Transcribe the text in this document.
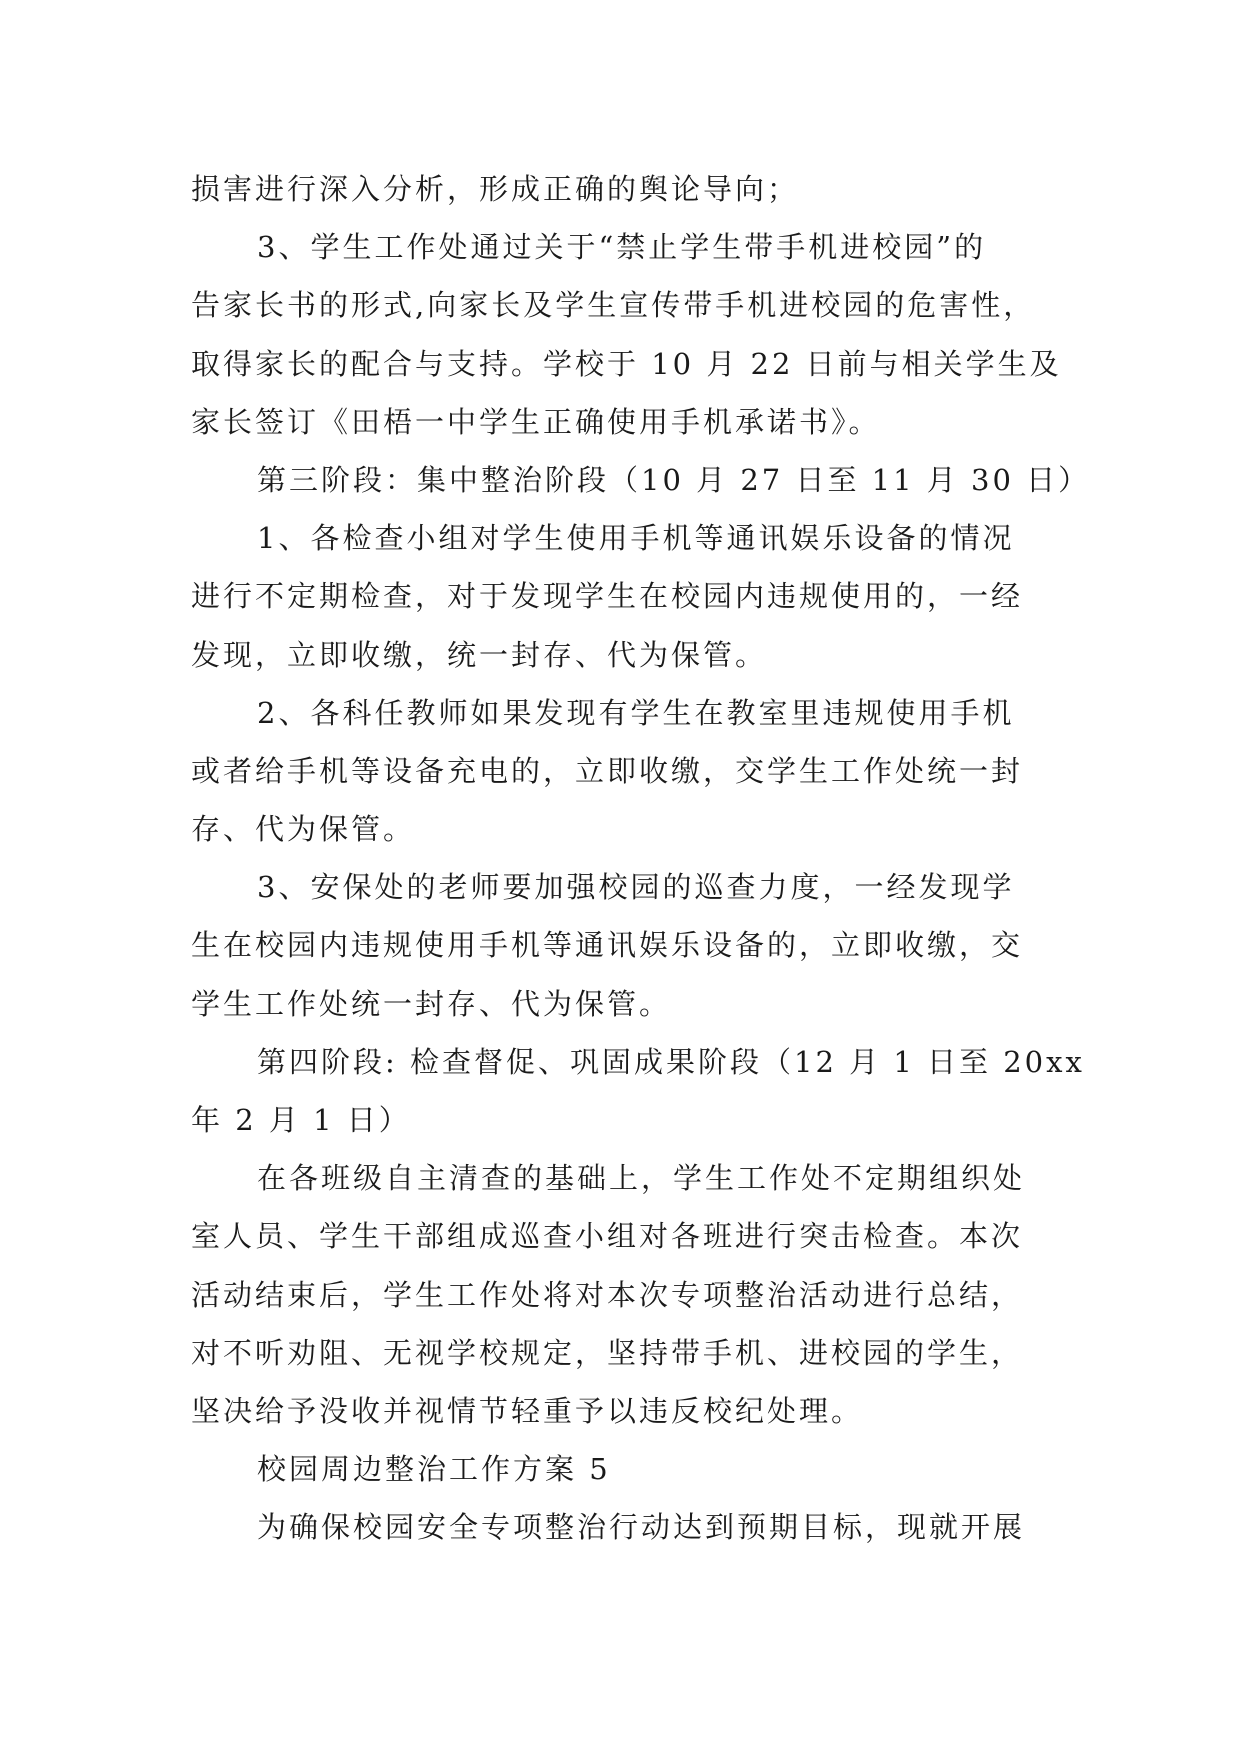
损害进行深入分析，形成正确的舆论导向；
3、学生工作处通过关于“禁止学生带手机进校园”的
告家长书的形式,向家长及学生宣传带手机进校园的危害性，
取得家长的配合与支持。学校于 10 月 22 日前与相关学生及
家长签订《田梧一中学生正确使用手机承诺书》。
第三阶段：集中整治阶段（10 月 27 日至 11 月 30 日）
1、各检查小组对学生使用手机等通讯娱乐设备的情况
进行不定期检查，对于发现学生在校园内违规使用的，一经
发现，立即收缴，统一封存、代为保管。
2、各科任教师如果发现有学生在教室里违规使用手机
或者给手机等设备充电的，立即收缴，交学生工作处统一封
存、代为保管。
3、安保处的老师要加强校园的巡查力度，一经发现学
生在校园内违规使用手机等通讯娱乐设备的，立即收缴，交
学生工作处统一封存、代为保管。
第四阶段: 检查督促、巩固成果阶段（12 月 1 日至 20xx
年 2 月 1 日）
在各班级自主清查的基础上，学生工作处不定期组织处
室人员、学生干部组成巡查小组对各班进行突击检查。本次
活动结束后，学生工作处将对本次专项整治活动进行总结，
对不听劝阻、无视学校规定，坚持带手机、进校园的学生，
坚决给予没收并视情节轻重予以违反校纪处理。
校园周边整治工作方案 5
为确保校园安全专项整治行动达到预期目标，现就开展
